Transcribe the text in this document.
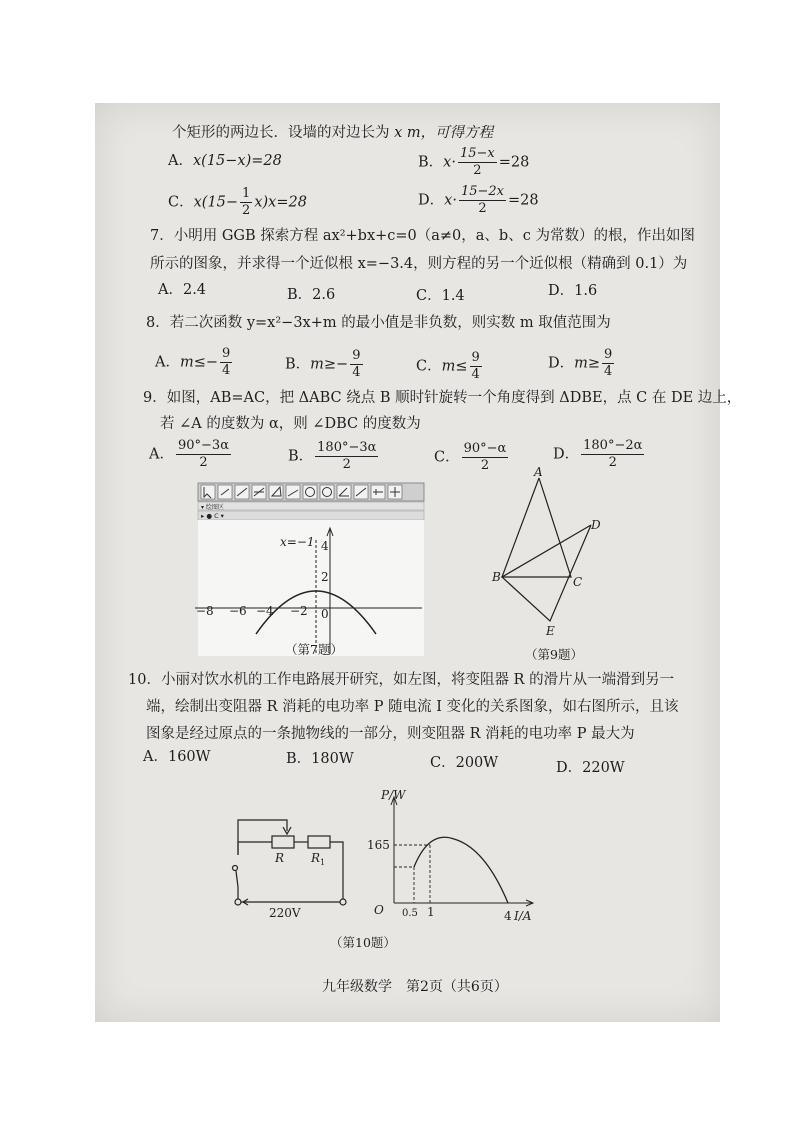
个矩形的两边长．设墙的对边长为 x m，可得方程
A．x(15−x)=28	B．$x\cdot \frac{15-x}{2} =28$
C．$x(15- \frac{1}{2} x)x=28$	D．$x\cdot \frac{15-2x}{2} =28$
7．小明用 GGB 探索方程 ax²+bx+c=0（a≠0，a、b、c 为常数）的根，作出如图
所示的图象，并求得一个近似根 x=−3.4，则方程的另一个近似根（精确到 0.1）为
A．2.4	B．2.6	C．1.4	D．1.6
8．若二次函数 y=x²−3x+m 的最小值是非负数，则实数 m 取值范围为
A．$m\le- \frac{9}{4}$	B．$m\ge- \frac{9}{4}$	C．$m\le \frac{9}{4}$	D．$m\ge \frac{9}{4}$
9．如图，AB=AC，把 ΔABC 绕点 B 顺时针旋转一个角度得到 ΔDBE，点 C 在 DE 边上，
若 ∠A 的度数为 α，则 ∠DBC 的度数为
A． $\frac{90^\circ-3\alpha}{2}$	B． $\frac{180^\circ-3\alpha}{2}$	C． $\frac{90^\circ-\alpha}{2}$	D． $\frac{180^\circ-2\alpha}{2}$
▾ 绘图区
▸ ● C ▾
x=−1
−8 −6 −4 −2 0
2
4
（第7题）
A
B	C
D
E
（第9题）
10．小丽对饮水机的工作电路展开研究，如左图，将变阻器 R 的滑片从一端滑到另一
端，绘制出变阻器 R 消耗的电功率 P 随电流 I 变化的关系图象，如右图所示，且该
图象是经过原点的一条抛物线的一部分，则变阻器 R 消耗的电功率 P 最大为
A．160W	B．180W	C．200W	D．220W
R $R_1$
220V
P/W
165
O 0.5 1	4 I/A
（第10题）
九年级数学　第2页（共6页）
